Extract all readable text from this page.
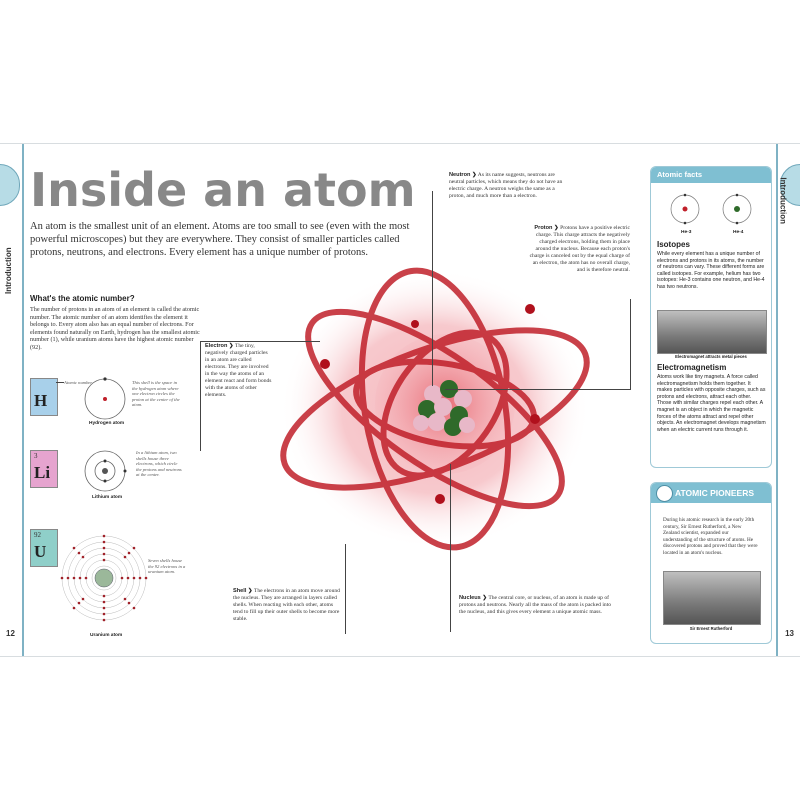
Introduction
12
Introduction
13
Inside an atom
An atom is the smallest unit of an element. Atoms are too small to see (even with the most powerful microscopes) but they are everywhere. They consist of smaller particles called protons, neutrons, and electrons. Every element has a unique number of protons.
What's the atomic number?
The number of protons in an atom of an element is called the atomic number. The atomic number of an atom identifies the element it belongs to. Every atom also has an equal number of electrons. For elements found naturally on Earth, hydrogen has the smallest atomic number (1), while uranium atoms have the highest atomic number (92).
H
Atomic number	This shell is the space in the hydrogen atom where one electron circles the proton at the center of the atom.
Hydrogen atom
3
Li
In a lithium atom, two shells house three electrons, which circle the protons and neutrons at the center.
Lithium atom
92
U	Seven shells house the 92 electrons in a uranium atom.
Uranium atom
Neutron ❯ As its name suggests, neutrons are neutral particles, which means they do not have an electric charge. A neutron weighs the same as a proton, and much more than a electron.
Proton ❯ Protons have a positive electric charge. This charge attracts the negatively charged electrons, holding them in place around the nucleus. Because each proton's charge is canceled out by the equal charge of an electron, the atom has no overall charge, and is therefore neutral.
Electron ❯ The tiny, negatively charged particles in an atom are called electrons. They are involved in the way the atoms of an element react and form bonds with the atoms of other elements.
Shell ❯ The electrons in an atom move around the nucleus. They are arranged in layers called shells. When reacting with each other, atoms tend to fill up their outer shells to become more stable.
Nucleus ❯ The central core, or nucleus, of an atom is made up of protons and neutrons. Nearly all the mass of the atom is packed into the nucleus, and this gives every element a unique atomic mass.
Atomic facts
He-3	He-4
Isotopes
While every element has a unique number of electrons and protons in its atoms, the number of neutrons can vary. These different forms are called isotopes. For example, helium has two isotopes: He-3 contains one neutron, and He-4 has two neutrons.
Electromagnet attracts metal pieces
Electromagnetism
Atoms work like tiny magnets. A force called electromagnetism holds them together. It makes particles with opposite charges, such as protons and electrons, attract each other. Those with similar charges repel each other. A magnet is an object in which the magnetic forces of the atoms attract and repel other objects. An electromagnet develops magnetism when an electric current runs through it.
ATOMIC PIONEERS
During his atomic research in the early 20th century, Sir Ernest Rutherford, a New Zealand scientist, expanded our understanding of the structure of atoms. He discovered protons and proved that they were located in an atom's nucleus.
Sir Ernest Rutherford
